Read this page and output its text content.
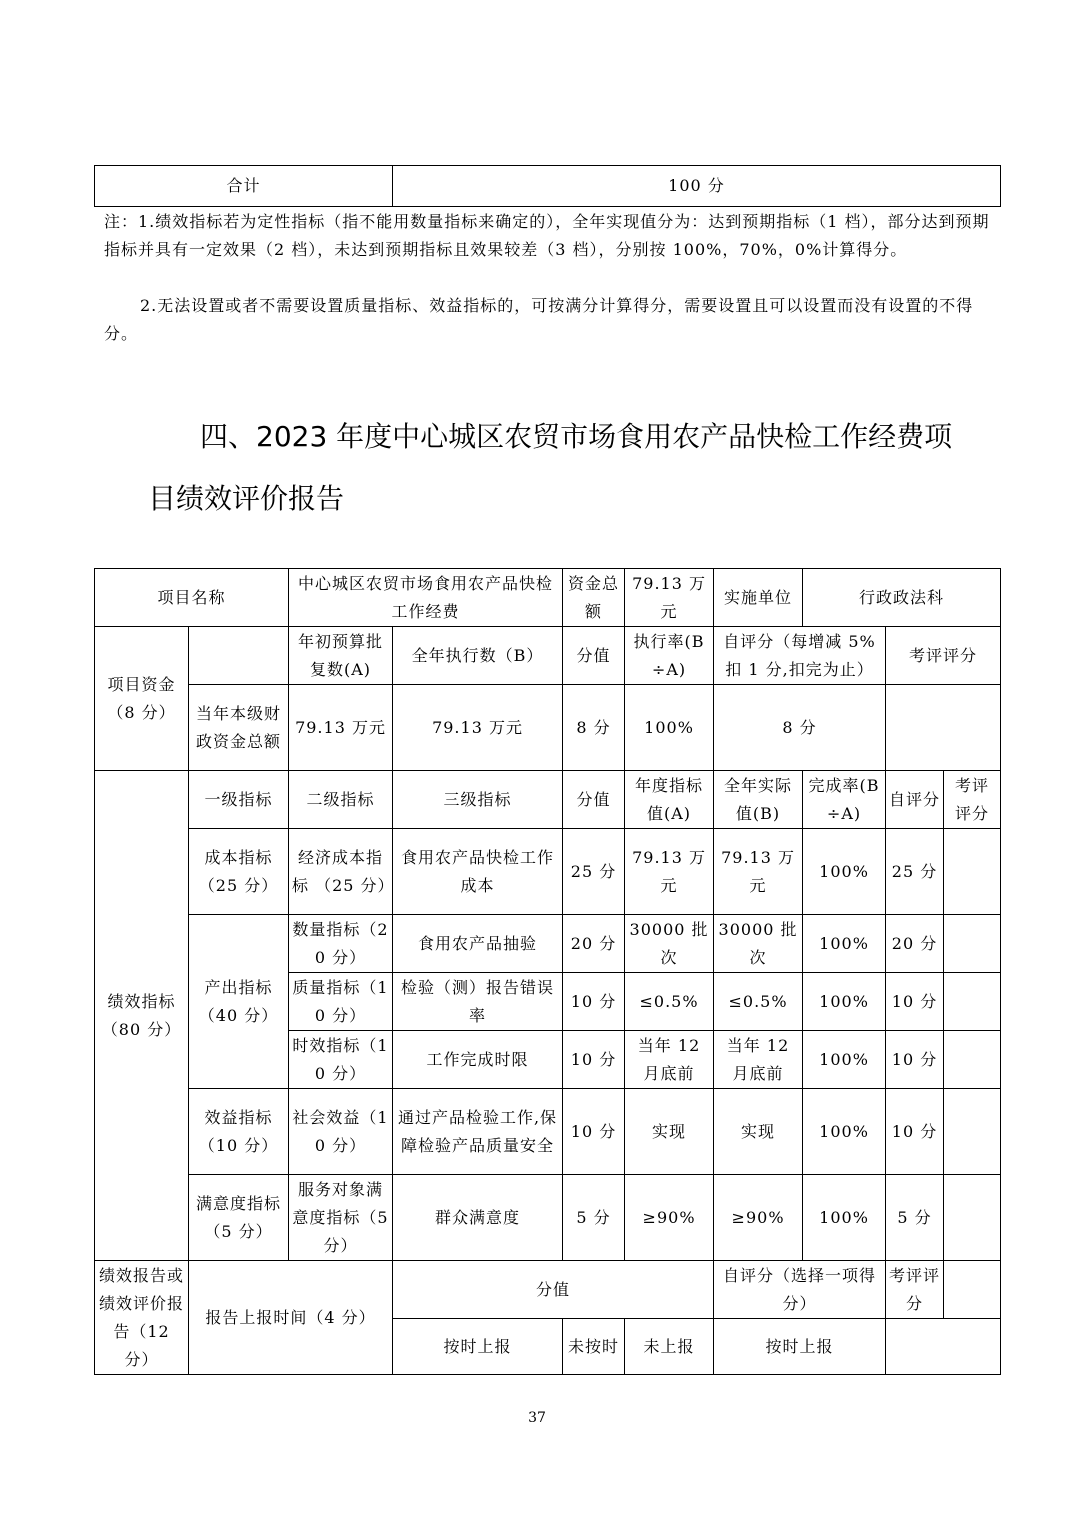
合计	100 分
注：1.绩效指标若为定性指标（指不能用数量指标来确定的），全年实现值分为：达到预期指标（1 档），部分达到预期指标并具有一定效果（2 档），未达到预期指标且效果较差（3 档），分别按 100%，70%，0%计算得分。
2.无法设置或者不需要设置质量指标、效益指标的，可按满分计算得分，需要设置且可以设置而没有设置的不得分。
四、2023 年度中心城区农贸市场食用农产品快检工作经费项目绩效评价报告
项目名称		中心城区农贸市场食用农产品快检工作经费		资金总额	79.13 万元	实施单位	行政政法科		
项目资金（8 分）		年初预算批复数(A)	全年执行数（B）	分值	执行率(B÷A)	自评分（每增减 5%扣 1 分,扣完为止）		考评评分	
	当年本级财政资金总额	79.13 万元	79.13 万元	8 分	100%	8 分			
绩效指标（80 分）	一级指标	二级指标	三级指标	分值	年度指标值(A)	全年实际值(B)	完成率(B÷A)	自评分	考评评分
	成本指标（25 分）	经济成本指标 （25 分）	食用农产品快检工作成本	25 分	79.13 万元	79.13 万元	100%	25 分	
	产出指标（40 分）	数量指标（20 分）	食用农产品抽验	20 分	30000 批次	30000 批次	100%	20 分	
		质量指标（10 分）	检验（测）报告错误率	10 分	≤0.5%	≤0.5%	100%	10 分	
		时效指标（10 分）	工作完成时限	10 分	当年 12 月底前	当年 12 月底前	100%	10 分	
	效益指标（10 分）	社会效益（10 分）	通过产品检验工作,保障检验产品质量安全	10 分	实现	实现	100%	10 分	
	满意度指标（5 分）	服务对象满意度指标（5 分）	群众满意度	5 分	≥90%	≥90%	100%	5 分	
绩效报告或绩效评价报告（12 分）	报告上报时间（4 分）		分值			自评分（选择一项得分）		考评评分	
			按时上报	未按时	未上报	按时上报			
37
